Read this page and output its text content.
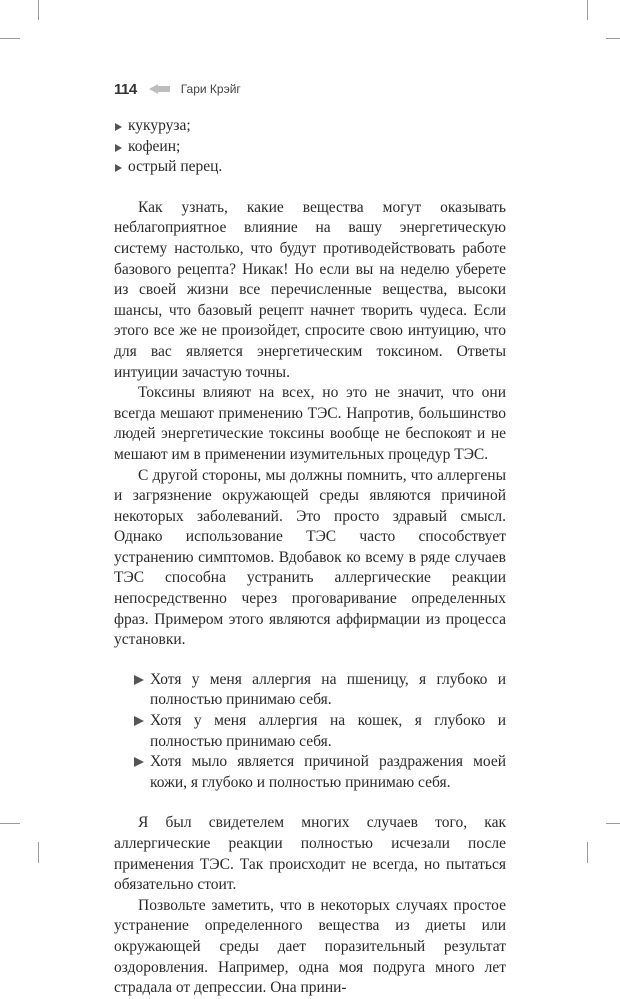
114	Гари Крэйг
кукуруза;
кофеин;
острый перец.

Как узнать, какие вещества могут оказывать неблагоприятное влияние на вашу энергетическую систему настолько, что будут противодействовать работе базового рецепта? Никак! Но если вы на неделю уберете из своей жизни все перечисленные вещества, высоки шансы, что базовый рецепт начнет творить чудеса. Если этого все же не произойдет, спросите свою интуицию, что для вас является энергетическим токсином. Ответы интуиции зачастую точны.

Токсины влияют на всех, но это не значит, что они всегда мешают применению ТЭС. Напротив, большинство людей энергетические токсины вообще не беспокоят и не мешают им в применении изумительных процедур ТЭС.

С другой стороны, мы должны помнить, что аллергены и загрязнение окружающей среды являются причиной некоторых заболеваний. Это просто здравый смысл. Однако использование ТЭС часто способствует устранению симптомов. Вдобавок ко всему в ряде случаев ТЭС способна устранить аллергические реакции непосредственно через проговаривание определенных фраз. Примером этого являются аффирмации из процесса установки.

Хотя у меня аллергия на пшеницу, я глубоко и полностью принимаю себя.
Хотя у меня аллергия на кошек, я глубоко и полностью принимаю себя.
Хотя мыло является причиной раздражения моей кожи, я глубоко и полностью принимаю себя.

Я был свидетелем многих случаев того, как аллергические реакции полностью исчезали после применения ТЭС. Так происходит не всегда, но пытаться обязательно стоит.

Позвольте заметить, что в некоторых случаях простое устранение определенного вещества из диеты или окружающей среды дает поразительный результат оздоровления. Например, одна моя подруга много лет страдала от депрессии. Она прини-
